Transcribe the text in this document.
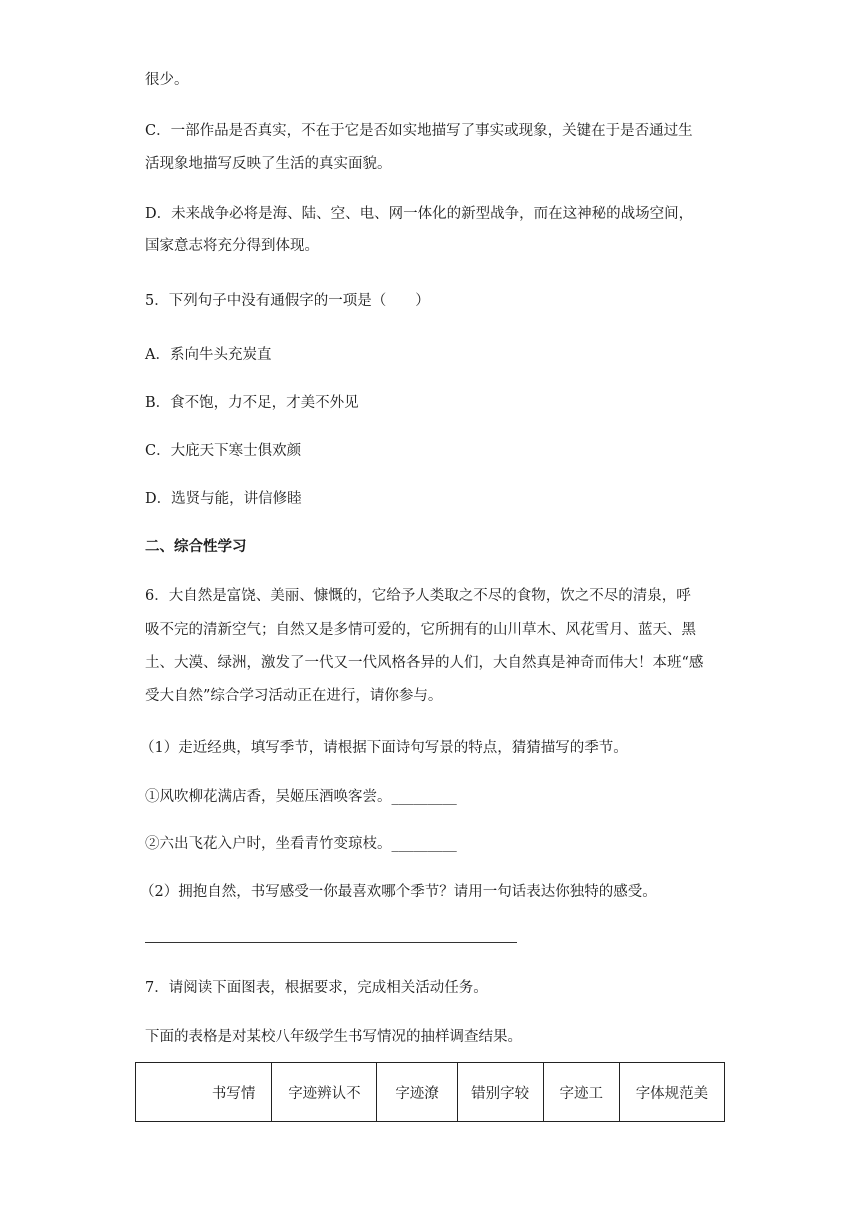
很少。
C．一部作品是否真实，不在于它是否如实地描写了事实或现象，关键在于是否通过生
活现象地描写反映了生活的真实面貌。
D．未来战争必将是海、陆、空、电、网一体化的新型战争，而在这神秘的战场空间，
国家意志将充分得到体现。
5．下列句子中没有通假字的一项是（　　）
A．系向牛头充炭直
B．食不饱，力不足，才美不外见
C．大庇天下寒士俱欢颜
二、综合性学习
D．选贤与能，讲信修睦
6．大自然是富饶、美丽、慷慨的，它给予人类取之不尽的食物，饮之不尽的清泉，呼
吸不完的清新空气；自然又是多情可爱的，它所拥有的山川草木、风花雪月、蓝天、黑
土、大漠、绿洲，激发了一代又一代风格各异的人们，大自然真是神奇而伟大！本班“感
受大自然”综合学习活动正在进行，请你参与。
（1）走近经典，填写季节，请根据下面诗句写景的特点，猜猜描写的季节。
①风吹柳花满店香，吴姬压酒唤客尝。_________
②六出飞花入户时，坐看青竹变琼枝。_________
（2）拥抱自然，书写感受一你最喜欢哪个季节？请用一句话表达你独特的感受。
7．请阅读下面图表，根据要求，完成相关活动任务。
下面的表格是对某校八年级学生书写情况的抽样调查结果。
书写情	字迹辨认不	字迹潦	错别字较	字迹工	字体规范美
